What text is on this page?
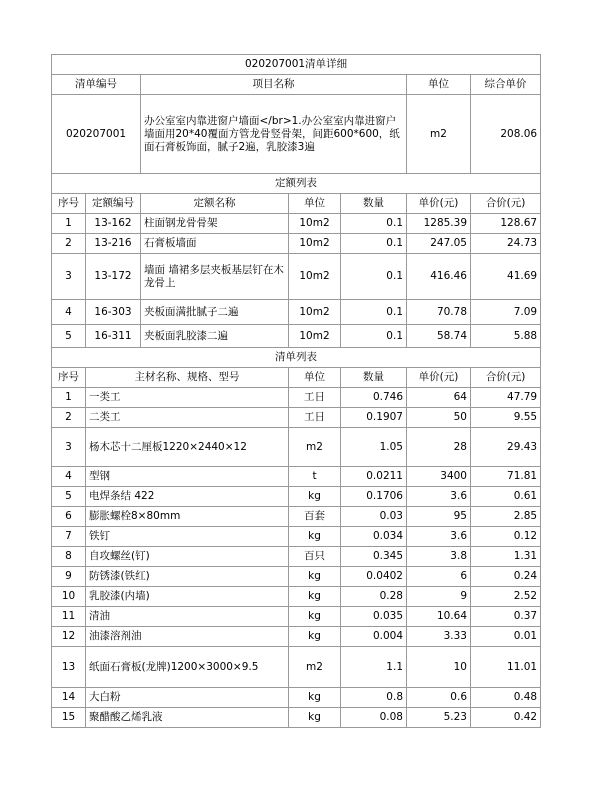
020207001清单详细						
清单编号		项目名称			单位	综合单价
020207001		办公室室内靠进窗户墙面</br>1.办公室室内靠进窗户墙面用20*40覆面方管龙骨竖骨架，间距600*600，纸面石膏板饰面，腻子2遍，乳胶漆3遍			m2	208.06
定额列表						
序号	定额编号	定额名称	单位	数量	单价(元)	合价(元)
1	13-162	柱面钢龙骨骨架	10m2	0.1	1285.39	128.67
2	13-216	石膏板墙面	10m2	0.1	247.05	24.73
3	13-172	墙面 墙裙多层夹板基层钉在木龙骨上	10m2	0.1	416.46	41.69
4	16-303	夹板面满批腻子二遍	10m2	0.1	70.78	7.09
5	16-311	夹板面乳胶漆二遍	10m2	0.1	58.74	5.88
清单列表						
序号	主材名称、规格、型号		单位	数量	单价(元)	合价(元)
1	一类工		工日	0.746	64	47.79
2	二类工		工日	0.1907	50	9.55
3	杨木芯十二厘板1220×2440×12		m2	1.05	28	29.43
4	型钢		t	0.0211	3400	71.81
5	电焊条结 422		kg	0.1706	3.6	0.61
6	膨胀螺栓8×80mm		百套	0.03	95	2.85
7	铁钉		kg	0.034	3.6	0.12
8	自攻螺丝(钉)		百只	0.345	3.8	1.31
9	防锈漆(铁红)		kg	0.0402	6	0.24
10	乳胶漆(内墙)		kg	0.28	9	2.52
11	清油		kg	0.035	10.64	0.37
12	油漆溶剂油		kg	0.004	3.33	0.01
13	纸面石膏板(龙牌)1200×3000×9.5		m2	1.1	10	11.01
14	大白粉		kg	0.8	0.6	0.48
15	聚醋酸乙烯乳液		kg	0.08	5.23	0.42
